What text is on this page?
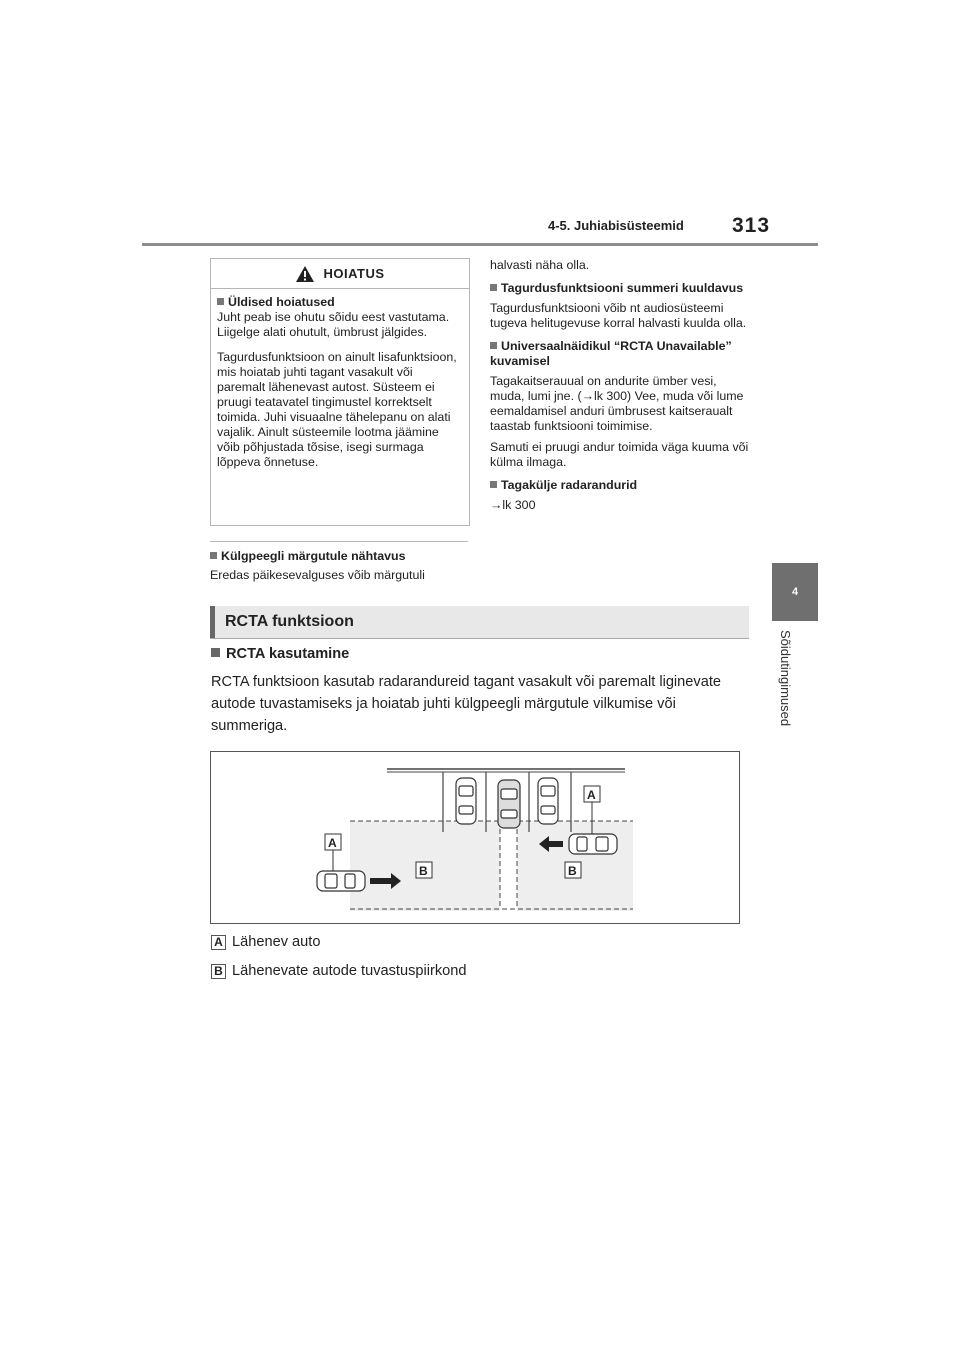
4-5. Juhiabisüsteemid 313
4
Sõidutingimused
HOIATUS

Üldised hoiatused
Juht peab ise ohutu sõidu eest vastutama. Liigelge alati ohutult, ümbrust jälgides.

Tagurdusfunktsioon on ainult lisafunktsioon, mis hoiatab juhti tagant vasakult või paremalt lähenevast autost. Süsteem ei pruugi teatavatel tingimustel korrektselt toimida. Juhi visuaalne tähelepanu on alati vajalik. Ainult süsteemile lootma jäämine võib põhjustada tõsise, isegi surmaga lõppeva õnnetuse.

Külgpeegli märgutule nähtavus

Eredas päikesevalguses võib märgutuli

halvasti näha olla.

Tagurdusfunktsiooni summeri kuuldavus

Tagurdusfunktsiooni võib nt audiosüsteemi tugeva helitugevuse korral halvasti kuulda olla.

Universaalnäidikul “RCTA Unavailable” kuvamisel

Tagakaitserauual on andurite ümber vesi, muda, lumi jne. (→lk 300) Vee, muda või lume eemaldamisel anduri ümbrusest kaitseraualt taastab funktsiooni toimimise.

Samuti ei pruugi andur toimida väga kuuma või külma ilmaga.

Tagakülje radarandurid

→lk 300

RCTA funktsioon
RCTA kasutamine
RCTA funktsioon kasutab radarandureid tagant vasakult või paremalt liginevate autode tuvastamiseks ja hoiatab juhti külgpeegli märgutule vilkumise või summeriga.
A
A
B	B
A Lähenev auto
B Lähenevate autode tuvastuspiirkond
